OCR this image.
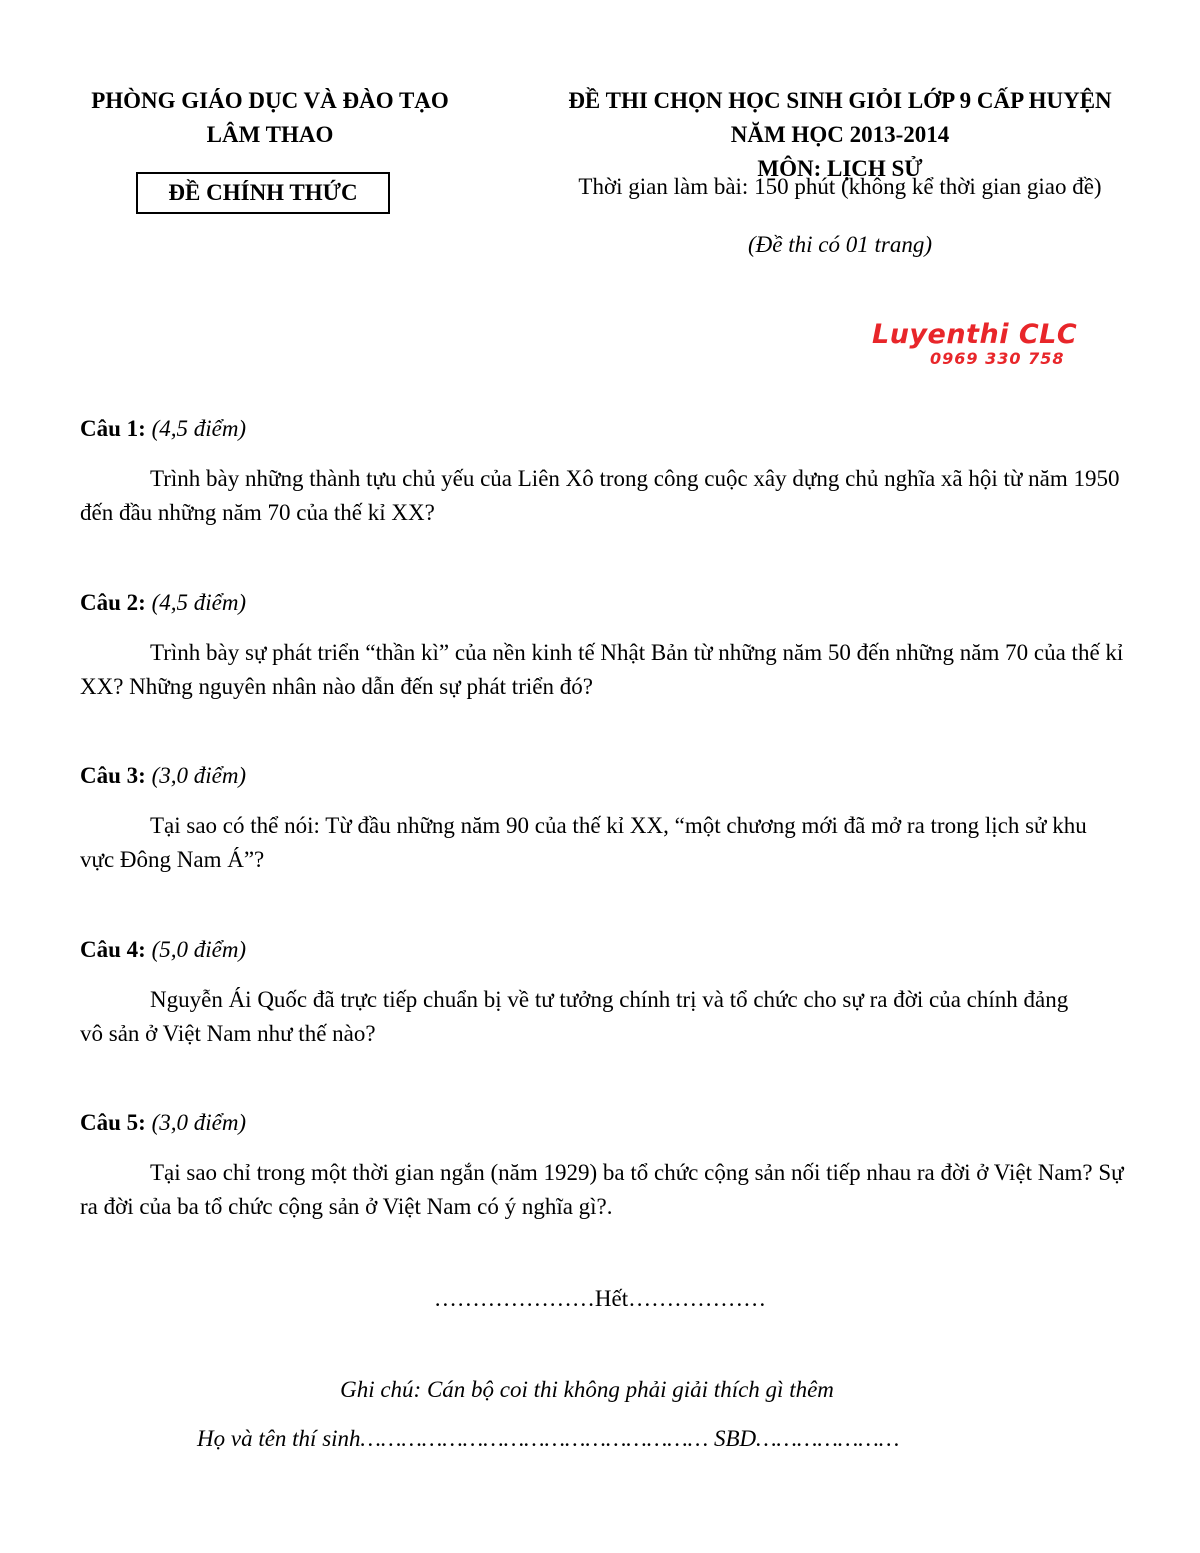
PHÒNG GIÁO DỤC VÀ ĐÀO TẠO
LÂM THAO
ĐỀ CHÍNH THỨC
ĐỀ THI CHỌN HỌC SINH GIỎI LỚP 9 CẤP HUYỆN
NĂM HỌC 2013-2014
MÔN: LỊCH SỬ
Thời gian làm bài: 150 phút (không kể thời gian giao đề)
(Đề thi có 01 trang)
Luyenthi CLC
0969 330 758
Câu 1: (4,5 điểm)
Trình bày những thành tựu chủ yếu của Liên Xô trong công cuộc xây dựng chủ nghĩa xã hội từ năm 1950 đến đầu những năm 70 của thế kỉ XX?
Câu 2: (4,5 điểm)
Trình bày sự phát triển “thần kì” của nền kinh tế Nhật Bản từ những năm 50 đến những năm 70 của thế kỉ XX? Những nguyên nhân nào dẫn đến sự phát triển đó?
Câu 3: (3,0 điểm)
Tại sao có thể nói: Từ đầu những năm 90 của thế kỉ XX, “một chương mới đã mở ra trong lịch sử khu vực Đông Nam Á”?
Câu 4: (5,0 điểm)
Nguyễn Ái Quốc đã trực tiếp chuẩn bị về tư tưởng chính trị và tổ chức cho sự ra đời của chính đảng vô sản ở Việt Nam như thế nào?
Câu 5: (3,0 điểm)
Tại sao chỉ trong một thời gian ngắn (năm 1929) ba tổ chức cộng sản nối tiếp nhau ra đời ở Việt Nam? Sự ra đời của ba tổ chức cộng sản ở Việt Nam có ý nghĩa gì?.
…………………Hết………………
Ghi chú: Cán bộ coi thi không phải giải thích gì thêm
Họ và tên thí sinh…………………………………………… SBD…………………
